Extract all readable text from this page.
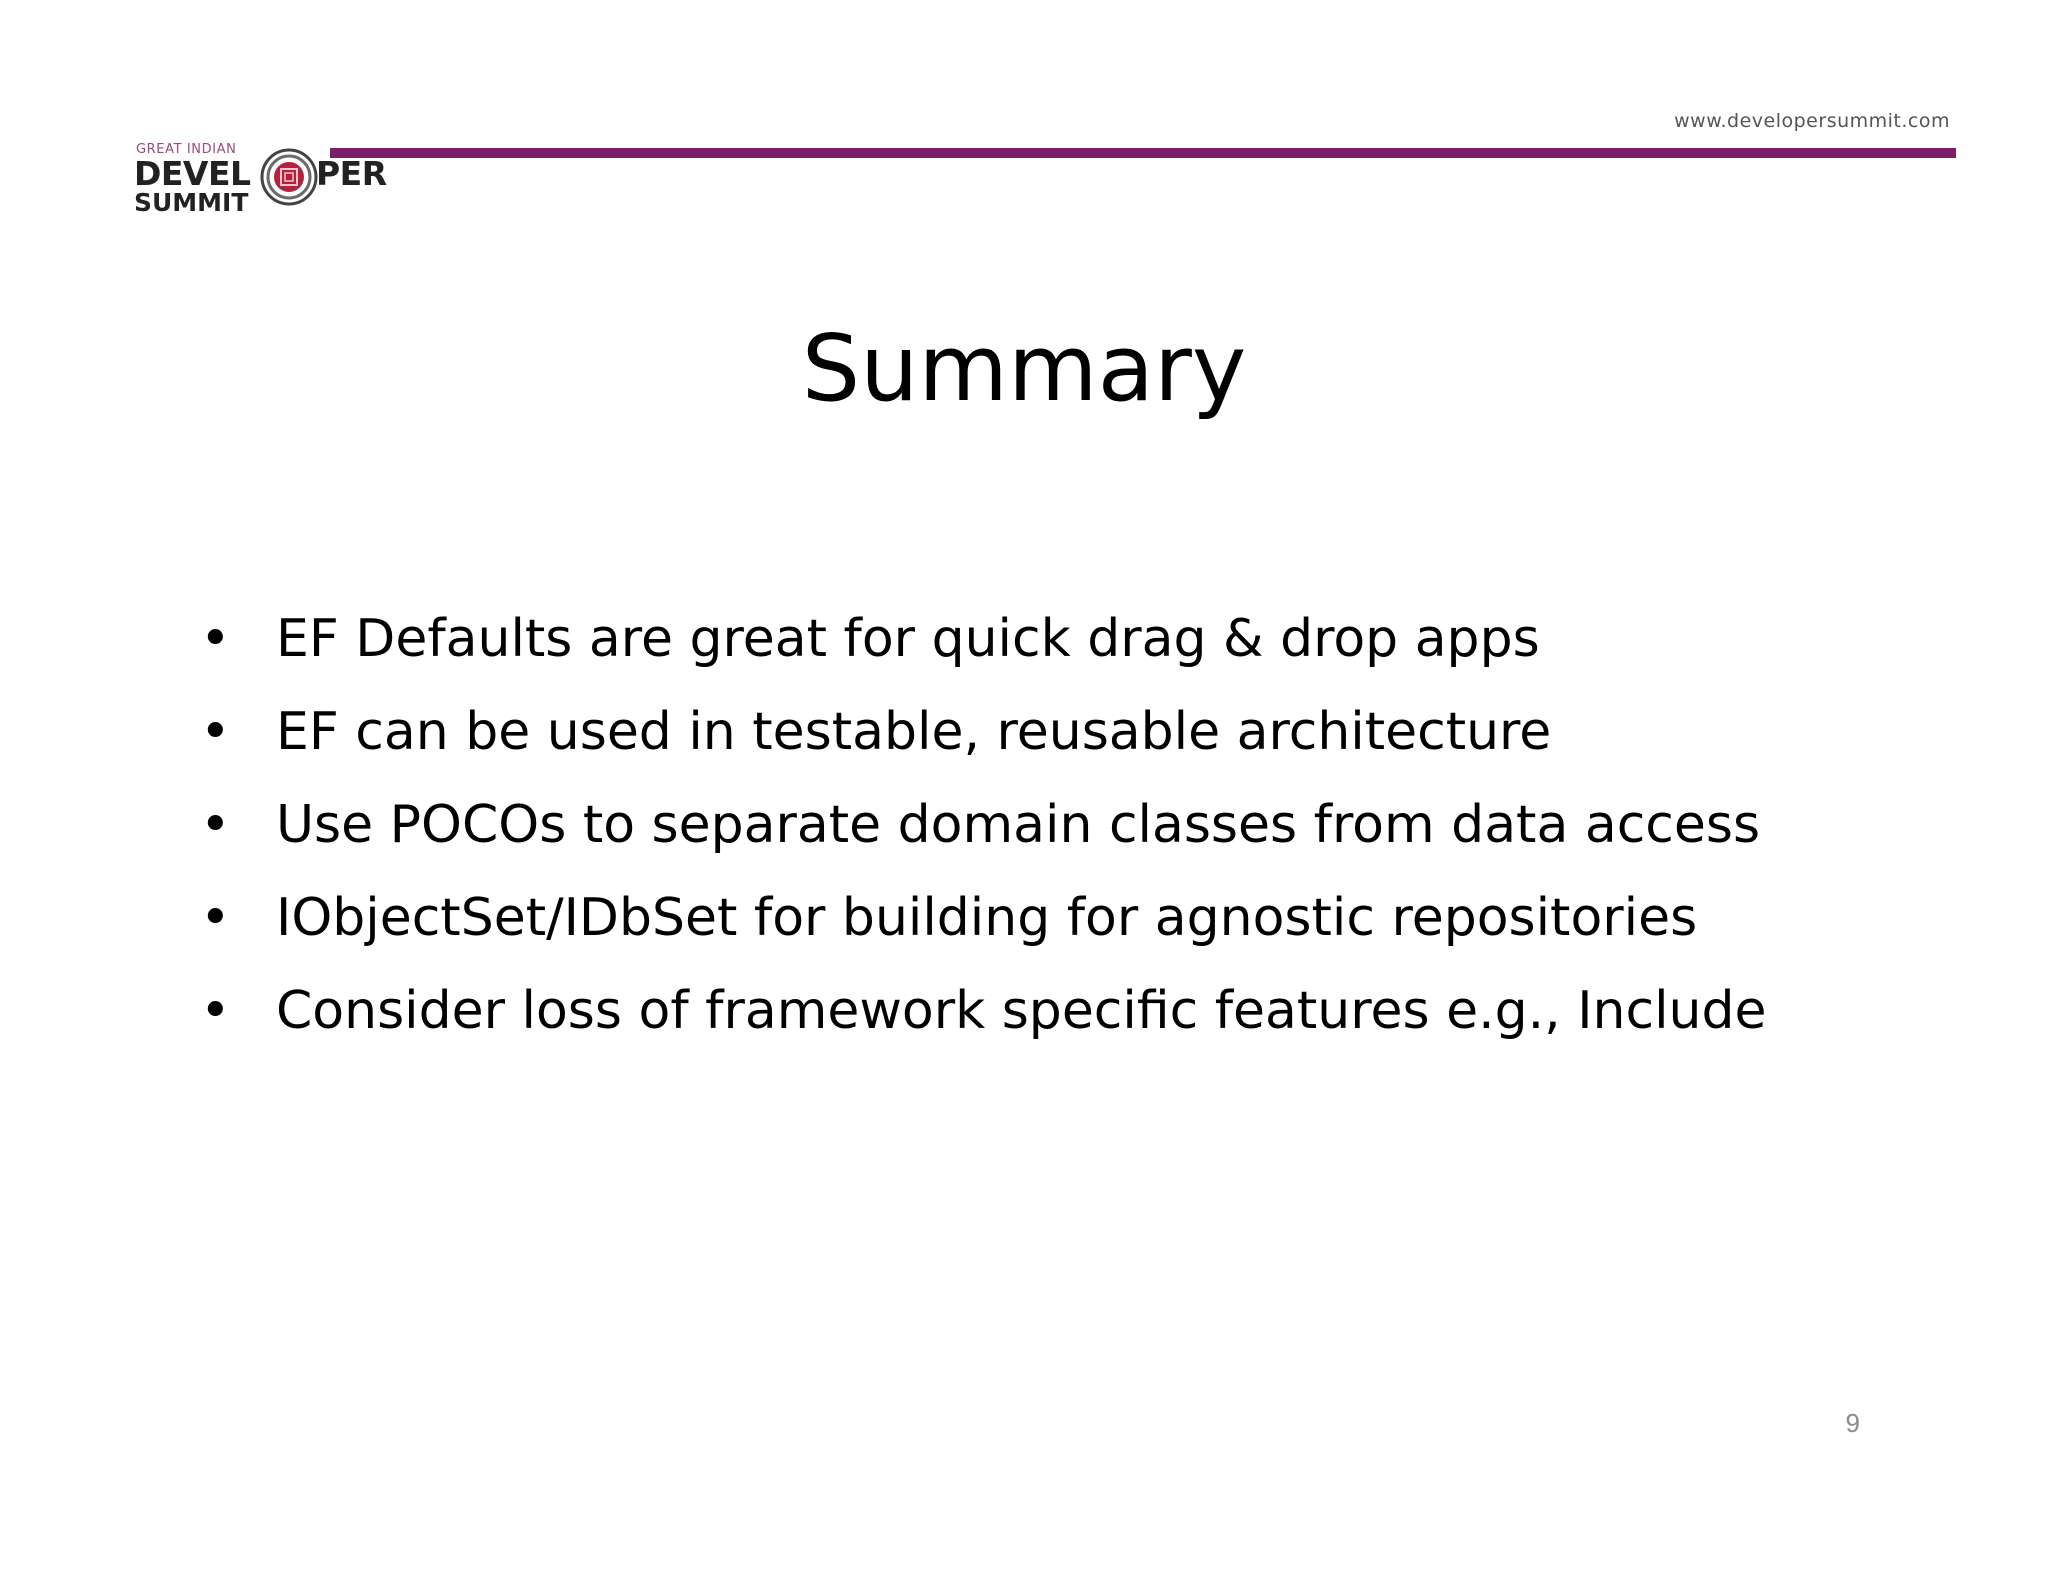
www.developersummit.com
GREAT INDIAN
DEVEL PER
SUMMIT
Summary
• EF Defaults are great for quick drag & drop apps
• EF can be used in testable, reusable architecture
• Use POCOs to separate domain classes from data access
• IObjectSet/IDbSet for building for agnostic repositories
• Consider loss of framework specific features e.g., Include
9
